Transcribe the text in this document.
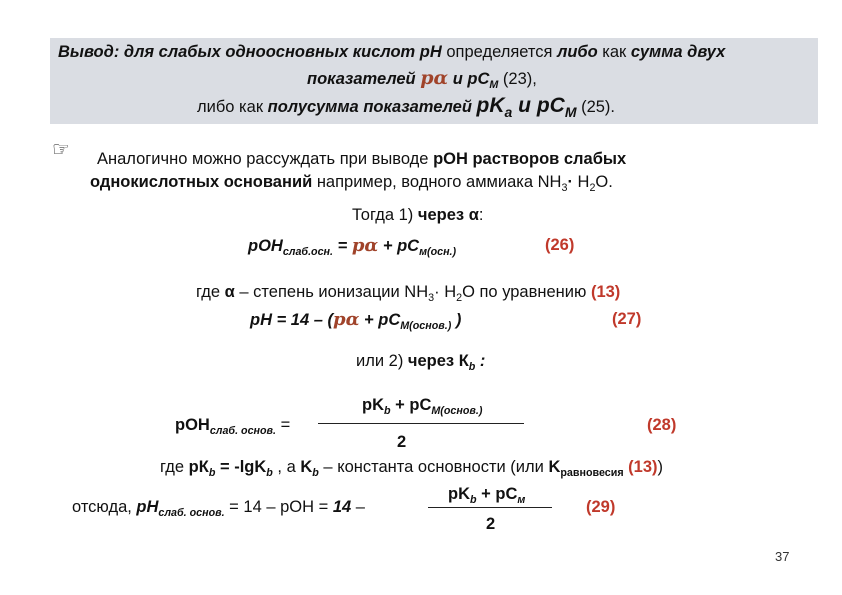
Вывод: для слабых одноосновных кислот рН определяется либо как сумма двух
показателей pα и $рС_М$ (23),
либо как полусумма показателей $pK_a$ и $pC_M$ (25).
☞ Аналогично можно рассуждать при выводе рОН растворов слабых
однокислотных оснований например, водного аммиака $NH_3\cdot H_2O$.
Тогда 1) через α:
$рОН_{слаб.осн.} = p\alpha + рС_{м(осн.)}$	(26)
где α – степень ионизации $NH_3\cdot H_2O$ по уравнению (13)
pH = $14 - (p\alpha + рС_{М(основ.)}$ )	(27)
или 2) через $К_b$ :
$pK_b + рС_{М(основ.)}$
рОН$_{слаб. основ.}$ =
2
(28)
где $рК_b = -\lg K_b$ , а $K_b$ – константа основности (или $K_{равновесия}$ (13))
$рK_b + рС_м$
отсюда, $pH_{слаб. основ.} = 14$ – рОН = 14 –
2
(29)
37
